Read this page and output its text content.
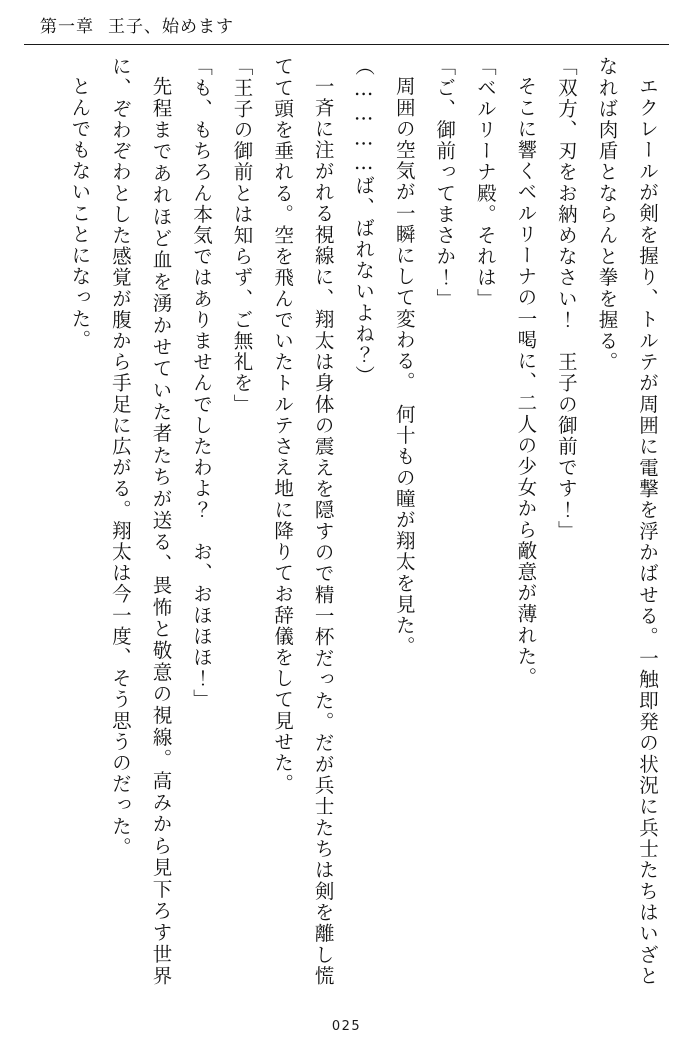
第一章 王子、始めます

エクレールが剣を握り、トルテが周囲に電撃を浮かばせる。一触即発の状況に兵士たちはいざとなれば肉盾とならんと拳を握る。

「双方、刃をお納めなさい！　王子の御前です！」

そこに響くベルリーナの一喝に、二人の少女から敵意が薄れた。

「ベルリーナ殿。それは」

「ご、御前ってまさか！」

周囲の空気が一瞬にして変わる。　何十もの瞳が翔太を見た。

（…………ば、ばれないよね？）

一斉に注がれる視線に、翔太は身体の震えを隠すので精一杯だった。だが兵士たちは剣を離し慌てて頭を垂れる。空を飛んでいたトルテさえ地に降りてお辞儀をして見せた。

「王子の御前とは知らず、ご無礼を」

「も、もちろん本気ではありませんでしたわよ？　お、おほほほ！」

先程まであれほど血を湧かせていた者たちが送る、畏怖と敬意の視線。高みから見下ろす世界に、ぞわぞわとした感覚が腹から手足に広がる。翔太は今一度、そう思うのだった。

とんでもないことになった。

025
